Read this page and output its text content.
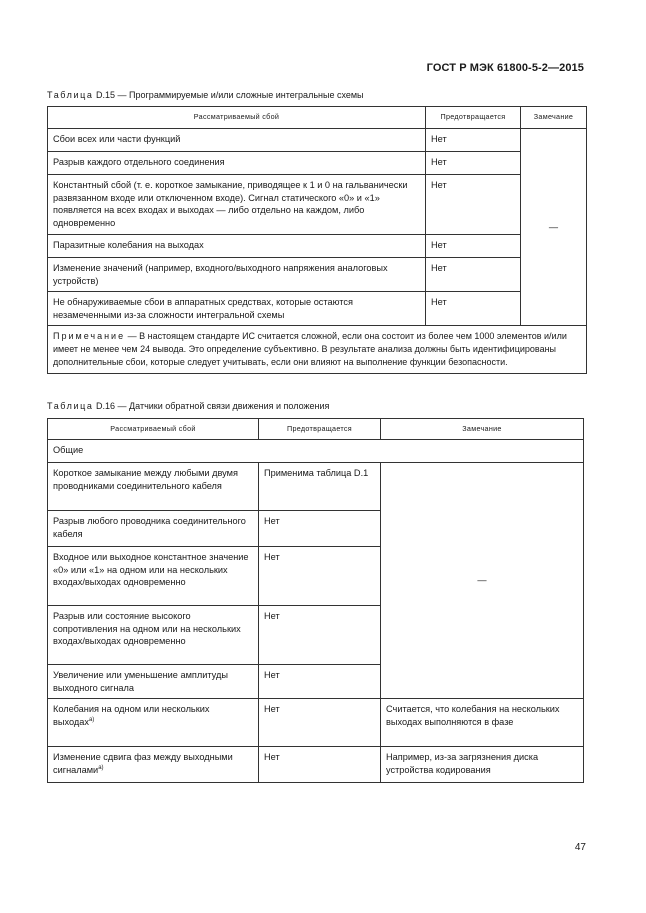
ГОСТ Р МЭК 61800-5-2—2015
Таблица D.15 — Программируемые и/или сложные интегральные схемы
Рассматриваемый сбой	Предотвращается	Замечание
Сбои всех или части функций	Нет	—
Разрыв каждого отдельного соединения	Нет	
Константный сбой (т. е. короткое замыкание, приводящее к 1 и 0 на гальванически развязанном входе или отключенном входе). Сигнал статического «0» и «1» появляется на всех входах и выходах — либо отдельно на каждом, либо одновременно	Нет	
Паразитные колебания на выходах	Нет	
Изменение значений (например, входного/выходного напряжения аналоговых устройств)	Нет	
Не обнаруживаемые сбои в аппаратных средствах, которые остаются незамеченными из-за сложности интегральной схемы	Нет	
Примечание — В настоящем стандарте ИС считается сложной, если она состоит из более чем 1000 элементов и/или имеет не менее чем 24 вывода. Это определение субъективно. В результате анализа должны быть идентифицированы дополнительные сбои, которые следует учитывать, если они влияют на выполнение функции безопасности.		
Таблица D.16 — Датчики обратной связи движения и положения
Рассматриваемый сбой	Предотвращается	Замечание
Общие		
Короткое замыкание между любыми двумя проводниками соединительного кабеля	Применима таблица D.1	—
Разрыв любого проводника соединительного кабеля	Нет	
Входное или выходное константное значение «0» или «1» на одном или на нескольких входах/выходах одновременно	Нет	
Разрыв или состояние высокого сопротивления на одном или на нескольких входах/выходах одновременно	Нет	
Увеличение или уменьшение амплитуды выходного сигнала	Нет	
Колебания на одном или нескольких выходах$^{a)}$	Нет	Считается, что колебания на нескольких выходах выполняются в фазе
Изменение сдвига фаз между выходными сигналами$^{a)}$	Нет	Например, из-за загрязнения диска устройства кодирования
47
